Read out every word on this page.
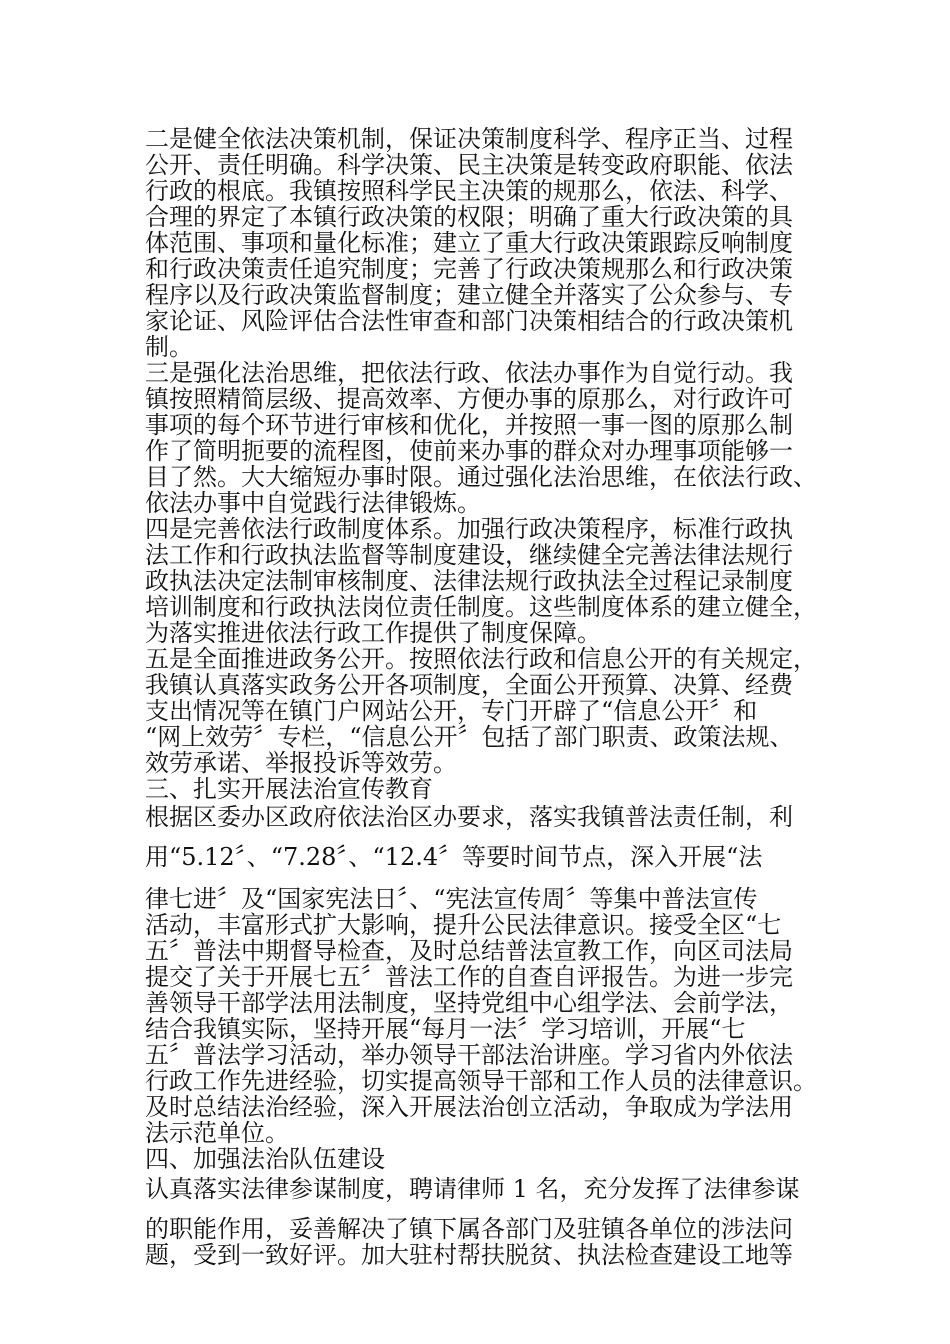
二是健全依法决策机制，保证决策制度科学、程序正当、过程
公开、责任明确。科学决策、民主决策是转变政府职能、依法
行政的根底。我镇按照科学民主决策的规那么，依法、科学、
合理的界定了本镇行政决策的权限；明确了重大行政决策的具
体范围、事项和量化标准；建立了重大行政决策跟踪反响制度
和行政决策责任追究制度；完善了行政决策规那么和行政决策
程序以及行政决策监督制度；建立健全并落实了公众参与、专
家论证、风险评估合法性审查和部门决策相结合的行政决策机
制。
三是强化法治思维，把依法行政、依法办事作为自觉行动。我
镇按照精简层级、提高效率、方便办事的原那么，对行政许可
事项的每个环节进行审核和优化，并按照一事一图的原那么制
作了简明扼要的流程图，使前来办事的群众对办理事项能够一
目了然。大大缩短办事时限。通过强化法治思维，在依法行政、
依法办事中自觉践行法律锻炼。
四是完善依法行政制度体系。加强行政决策程序，标准行政执
法工作和行政执法监督等制度建设，继续健全完善法律法规行
政执法决定法制审核制度、法律法规行政执法全过程记录制度
培训制度和行政执法岗位责任制度。这些制度体系的建立健全，
为落实推进依法行政工作提供了制度保障。
五是全面推进政务公开。按照依法行政和信息公开的有关规定，
我镇认真落实政务公开各项制度，全面公开预算、决算、经费
支出情况等在镇门户网站公开，专门开辟了“信息公开〞和
“网上效劳〞专栏，“信息公开〞包括了部门职责、政策法规、
效劳承诺、举报投诉等效劳。
三、扎实开展法治宣传教育
根据区委办区政府依法治区办要求，落实我镇普法责任制，利
用“5.12〞、“7.28〞、“12.4〞等要时间节点，深入开展“法
律七进〞及“国家宪法日〞、“宪法宣传周〞等集中普法宣传
活动，丰富形式扩大影响，提升公民法律意识。接受全区“七
五〞普法中期督导检查，及时总结普法宣教工作，向区司法局
提交了关于开展七五〞普法工作的自查自评报告。为进一步完
善领导干部学法用法制度，坚持党组中心组学法、会前学法，
结合我镇实际，坚持开展“每月一法〞学习培训，开展“七
五〞普法学习活动，举办领导干部法治讲座。学习省内外依法
行政工作先进经验，切实提高领导干部和工作人员的法律意识。
及时总结法治经验，深入开展法治创立活动，争取成为学法用
法示范单位。
四、加强法治队伍建设
认真落实法律参谋制度，聘请律师 1 名，充分发挥了法律参谋
的职能作用，妥善解决了镇下属各部门及驻镇各单位的涉法问
题，受到一致好评。加大驻村帮扶脱贫、执法检查建设工地等
